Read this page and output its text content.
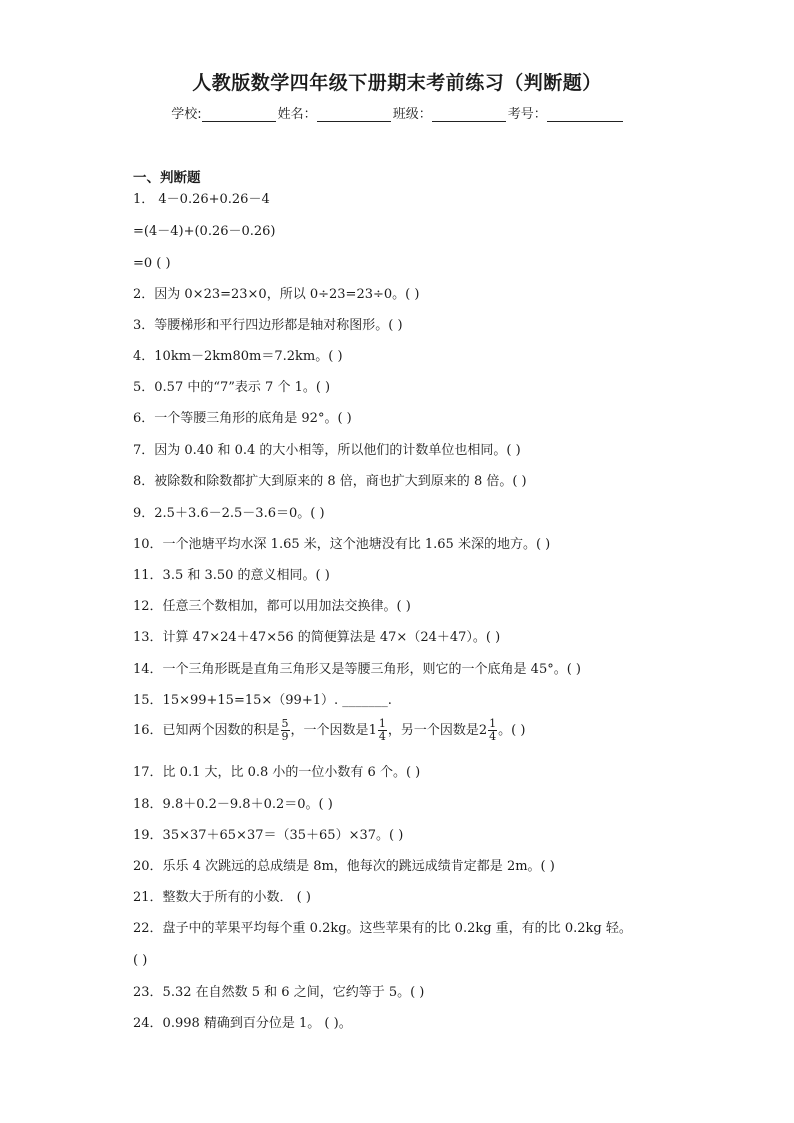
人教版数学四年级下册期末考前练习（判断题）
学校:	姓名：	班级：	考号：
一、判断题
1． 4－0.26+0.26－4
=(4－4)+(0.26－0.26)
=0 ( )
2．因为 0×23=23×0，所以 0÷23=23÷0。( )
3．等腰梯形和平行四边形都是轴对称图形。( )
4．10km－2km80m＝7.2km。( )
5．0.57 中的“7”表示 7 个 1。( )
6．一个等腰三角形的底角是 92°。( )
7．因为 0.40 和 0.4 的大小相等，所以他们的计数单位也相同。( )
8．被除数和除数都扩大到原来的 8 倍，商也扩大到原来的 8 倍。( )
9．2.5＋3.6－2.5－3.6＝0。( )
10．一个池塘平均水深 1.65 米，这个池塘没有比 1.65 米深的地方。( )
11．3.5 和 3.50 的意义相同。( )
12．任意三个数相加，都可以用加法交换律。( )
13．计算 47×24＋47×56 的简便算法是 47×（24＋47）。( )
14．一个三角形既是直角三角形又是等腰三角形，则它的一个底角是 45°。( )
15．15×99+15=15×（99+1）. _______.
16．已知两个因数的积是 $\frac{5}{9}$ ，一个因数是$1 \frac{1}{4}$ ，另一个因数是$2 \frac{1}{4}$ 。( )
17．比 0.1 大，比 0.8 小的一位小数有 6 个。( )
18．9.8＋0.2－9.8＋0.2＝0。( )
19．35×37＋65×37＝（35＋65）×37。( )
20．乐乐 4 次跳远的总成绩是 8m，他每次的跳远成绩肯定都是 2m。( )
21．整数大于所有的小数． ( )
22．盘子中的苹果平均每个重 0.2kg。这些苹果有的比 0.2kg 重，有的比 0.2kg 轻。
( )
23．5.32 在自然数 5 和 6 之间，它约等于 5。( )
24．0.998 精确到百分位是 1。 ( )。
